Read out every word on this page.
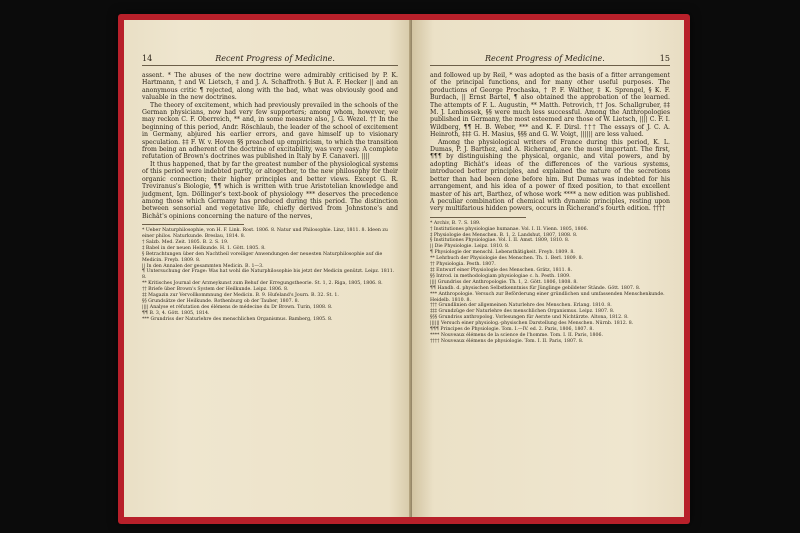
14	Recent Progress of Medicine.

assent. * The abuses of the new doctrine were admirably criticised by P. K. Hartmann, † and W. Lietsch, ‡ and J. A. Schaffroth. § But A. F. Hecker || and an anonymous critic ¶ rejected, along with the bad, what was obviously good and valuable in the new doctrines.

The theory of excitement, which had previously prevailed in the schools of the German physicians, now had very few supporters; among whom, however, we may reckon C. F. Oberreich, ** and, in some measure also, J. G. Wezel. †† In the beginning of this period, Andr. Röschlaub, the leader of the school of excitement in Germany, abjured his earlier errors, and gave himself up to visionary speculation. ‡‡ F. W. v. Hoven §§ preached up empiricism, to which the transition from being an adherent of the doctrine of excitability, was very easy. A complete refutation of Brown's doctrines was published in Italy by F. Canaveri. ||||

It thus happened, that by far the greatest number of the physiological systems of this period were indebted partly, or altogether, to the new philosophy for their organic connection; their higher principles and better views. Except G. R. Treviranus's Biologie, ¶¶ which is written with true Aristotelian knowledge and judgment, Ign. Döllinger's text-book of physiology *** deserves the precedence among those which Germany has produced during this period. The distinction between sensorial and vegetative life, chiefly derived from Johnstone's and Bichât's opinions concerning the nature of the nerves,

* Ueber Naturphilosophie, von H. F. Link. Rost. 1806. 8. Natur und Philosophie. Linz, 1811. 8. Ideen zu einer philos. Naturkunde. Breslau, 1814. 8.
† Salzb. Med. Zeit. 1805. B. 2. S. 19.
‡ Babel in der neuen Heilkunde. H. 1. Gött. 1805. 8.
§ Betrachtungen über den Nachtheil voreiliger Anwendungen der neuesten Naturphilosophie auf die Medicin. Freyb. 1809. 8.
|| In den Annalen der gesammten Medicin. B. 1—3.
¶ Untersuchung der Frage: Was hat wohl die Naturphilosophie bis jetzt der Medicin genützt. Leipz. 1811. 8.
** Kritisches Journal der Arzneykunst zum Behuf der Erregungstheorie. St. 1, 2. Riga, 1805, 1806. 8.
†† Briefe über Brown's System der Heilkunde. Leipz. 1806. 8.
‡‡ Magazin zur Vervollkommnung der Medicin. B. 9. Hufeland's Journ. B. 32. St. 1.
§§ Grundsätze der Heilkunde. Rothenburg ob der Tauber, 1807. 8.
|||| Analyse et réfutation des élémens de médecine du Dr Brown. Turin, 1808. 8.
¶¶ B. 3, 4. Gött. 1805, 1814.
*** Grundriss der Naturlehre des menschlichen Organismus. Bamberg, 1805. 8.
Recent Progress of Medicine.	15

and followed up by Reil, * was adopted as the basis of a fitter arrangement of the principal functions, and for many other useful purposes. The productions of George Prochaska, † P. F. Walther, ‡ K. Sprengel, § K. F. Burdach, || Ernst Bartel, ¶ also obtained the approbation of the learned. The attempts of F. L. Augustin, ** Matth. Petrovich, †† Jos. Schallgruber, ‡‡ M. J. Lenhossek, §§ were much less successful. Among the Anthropologies published in Germany, the most esteemed are those of W. Lietsch, |||| C. F. I. Wildberg, ¶¶ H. B. Weber, *** and K. F. Dirsl. ††† The essays of J. C. A. Heinroth, ‡‡‡ G. H. Masius, §§§ and G. W. Voigt, |||||| are less valued.

Among the physiological writers of France during this period, K. L. Dumas, P. J. Barthez, and A. Richerand, are the most important. The first, ¶¶¶ by distinguishing the physical, organic, and vital powers, and by adopting Bichât's ideas of the differences of the various systems, introduced better principles, and explained the nature of the secretions better than had been done before him. But Dumas was indebted for his arrangement, and his idea of a power of fixed position, to that excellent master of his art, Barthez, of whose work **** a new edition was published. A peculiar combination of chemical with dynamic principles, resting upon very multifarious hidden powers, occurs in Richerand's fourth edition. ††††

* Archiv, B. 7. S. 189.
† Institutiones physiologiae humanae. Vol. I. II. Vienn. 1805, 1806.
‡ Physiologie des Menschen. B. 1, 2. Landshut, 1807, 1808. 8.
§ Institutiones Physiologiae. Vol. I. II. Amst. 1809, 1810. 8.
|| Die Physiologie. Leipz. 1810. 8.
¶ Physiologie der menschl. Lebensthätigkeit. Freyb. 1809. 8.
** Lehrbuch der Physiologie des Menschen. Th. 1. Berl. 1809. 8.
†† Physiologia. Pesth. 1807.
‡‡ Entwurf einer Physiologie des Menschen. Grätz, 1811. 8.
§§ Introd. in methodologiam physiologiae c. h. Pesth. 1809.
|||| Grundriss der Anthropologie. Th. 1, 2. Gött. 1806, 1808. 8.
¶¶ Handb. d. physischen Selbstkenntniss für Jünglinge gebildeter Stände. Gött. 1807. 8.
*** Anthropologie. Versuch zur Beförderung einer gründlichen und umfassenden Menschenkunde. Heidelb. 1810. 8.
††† Grundlinien der allgemeinen Naturlehre des Menschen. Erlang. 1810. 8.
‡‡‡ Grundzüge der Naturlehre des menschlichen Organismus. Leipz. 1807. 8.
§§§ Grundriss anthropolog. Vorlesungen für Aerzte und Nichtärzte. Altona, 1812. 8.
|||||| Versuch einer physiolog.-physischen Darstellung des Menschen. Nürnb. 1812. 8.
¶¶¶ Principes de Physiologie. Tom. I.—IV. ed. 2. Paris, 1806, 1807. 8.
**** Nouveaux élémens de la science de l'homme. Tom. I. II. Paris, 1806.
†††† Nouveaux élémens de physiologie. Tom. I. II. Paris, 1807. 8.
